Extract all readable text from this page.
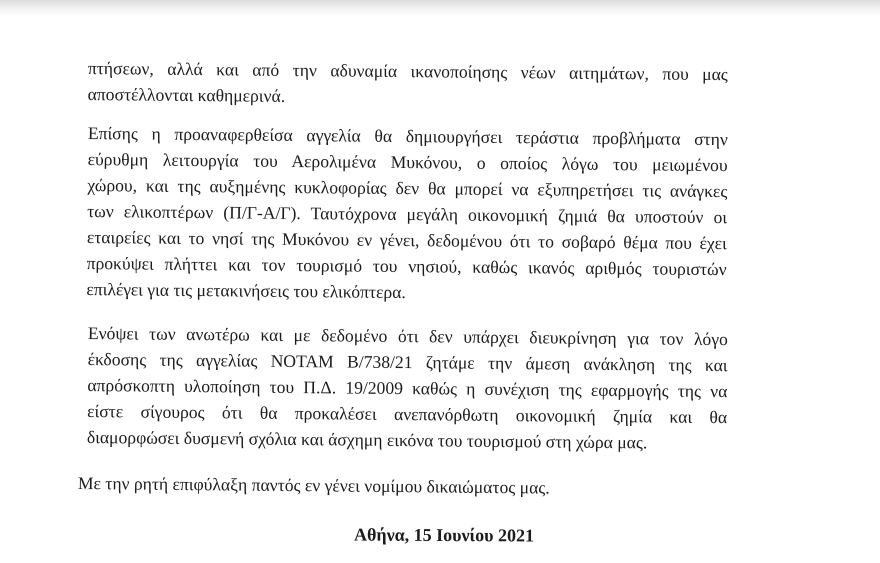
πτήσεων, αλλά και από την αδυναμία ικανοποίησης νέων αιτημάτων, που μας
αποστέλλονται καθημερινά.
Επίσης η προαναφερθείσα αγγελία θα δημιουργήσει τεράστια προβλήματα στην
εύρυθμη λειτουργία του Αερολιμένα Μυκόνου, ο οποίος λόγω του μειωμένου
χώρου, και της αυξημένης κυκλοφορίας δεν θα μπορεί να εξυπηρετήσει τις ανάγκες
των ελικοπτέρων (Π/Γ-Α/Γ). Ταυτόχρονα μεγάλη οικονομική ζημιά θα υποστούν οι
εταιρείες και το νησί της Μυκόνου εν γένει, δεδομένου ότι το σοβαρό θέμα που έχει
προκύψει πλήττει και τον τουρισμό του νησιού, καθώς ικανός αριθμός τουριστών
επιλέγει για τις μετακινήσεις του ελικόπτερα.
Ενόψει των ανωτέρω και με δεδομένο ότι δεν υπάρχει διευκρίνηση για τον λόγο
έκδοσης της αγγελίας NOTAM B/738/21 ζητάμε την άμεση ανάκληση της και
απρόσκοπτη υλοποίηση του Π.Δ. 19/2009 καθώς η συνέχιση της εφαρμογής της να
είστε σίγουρος ότι θα προκαλέσει ανεπανόρθωτη οικονομική ζημία και θα
διαμορφώσει δυσμενή σχόλια και άσχημη εικόνα του τουρισμού στη χώρα μας.
Με την ρητή επιφύλαξη παντός εν γένει νομίμου δικαιώματος μας.
Αθήνα, 15 Ιουνίου 2021
